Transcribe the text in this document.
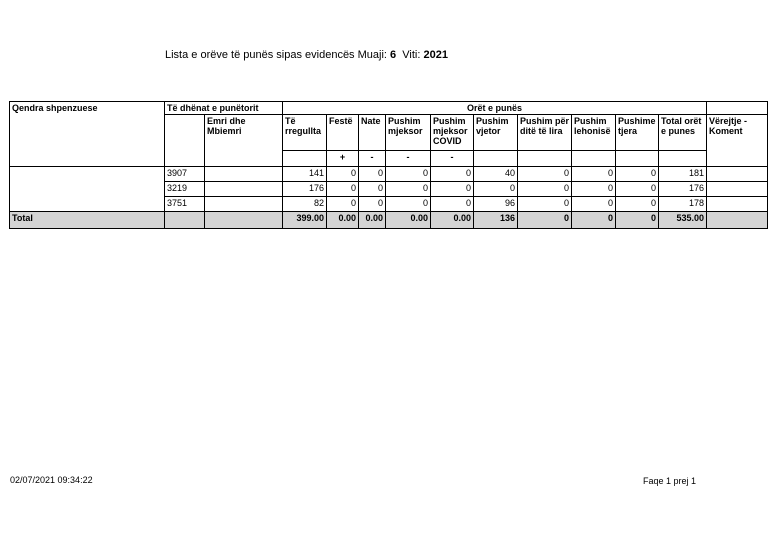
Lista e orëve të punës sipas evidencës Muaji: 6 Viti: 2021
Qendra shpenzuese	Të dhënat e punëtorit		Orët e punës										
		Emri dhe Mbiemri	Të rregullta	Festë	Nate	Pushim mjeksor	Pushim mjeksor COVID	Pushim vjetor	Pushim për ditë të lira	Pushim lehonisë	Pushime tjera	Total orët e punes	Vërejtje - Koment
				+	-	-	-						
	3907		141	0	0	0	0	40	0	0	0	181	
	3219		176	0	0	0	0	0	0	0	0	176	
	3751		82	0	0	0	0	96	0	0	0	178	
Total			399.00	0.00	0.00	0.00	0.00	136	0	0	0	535.00	
02/07/2021 09:34:22	Faqe 1 prej 1
